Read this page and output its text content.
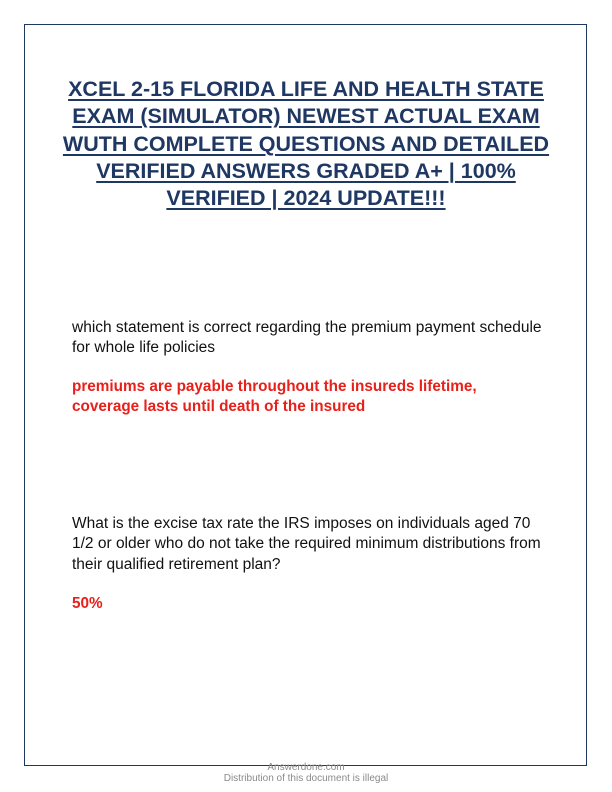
XCEL 2-15 FLORIDA LIFE AND HEALTH STATE EXAM (SIMULATOR) NEWEST ACTUAL EXAM WUTH COMPLETE QUESTIONS AND DETAILED VERIFIED ANSWERS GRADED A+ | 100% VERIFIED | 2024 UPDATE!!!

which statement is correct regarding the premium payment schedule for whole life policies

premiums are payable throughout the insureds lifetime, coverage lasts until death of the insured

What is the excise tax rate the IRS imposes on individuals aged 70 1/2 or older who do not take the required minimum distributions from their qualified retirement plan?

50%

Answerdone.com
Distribution of this document is illegal
